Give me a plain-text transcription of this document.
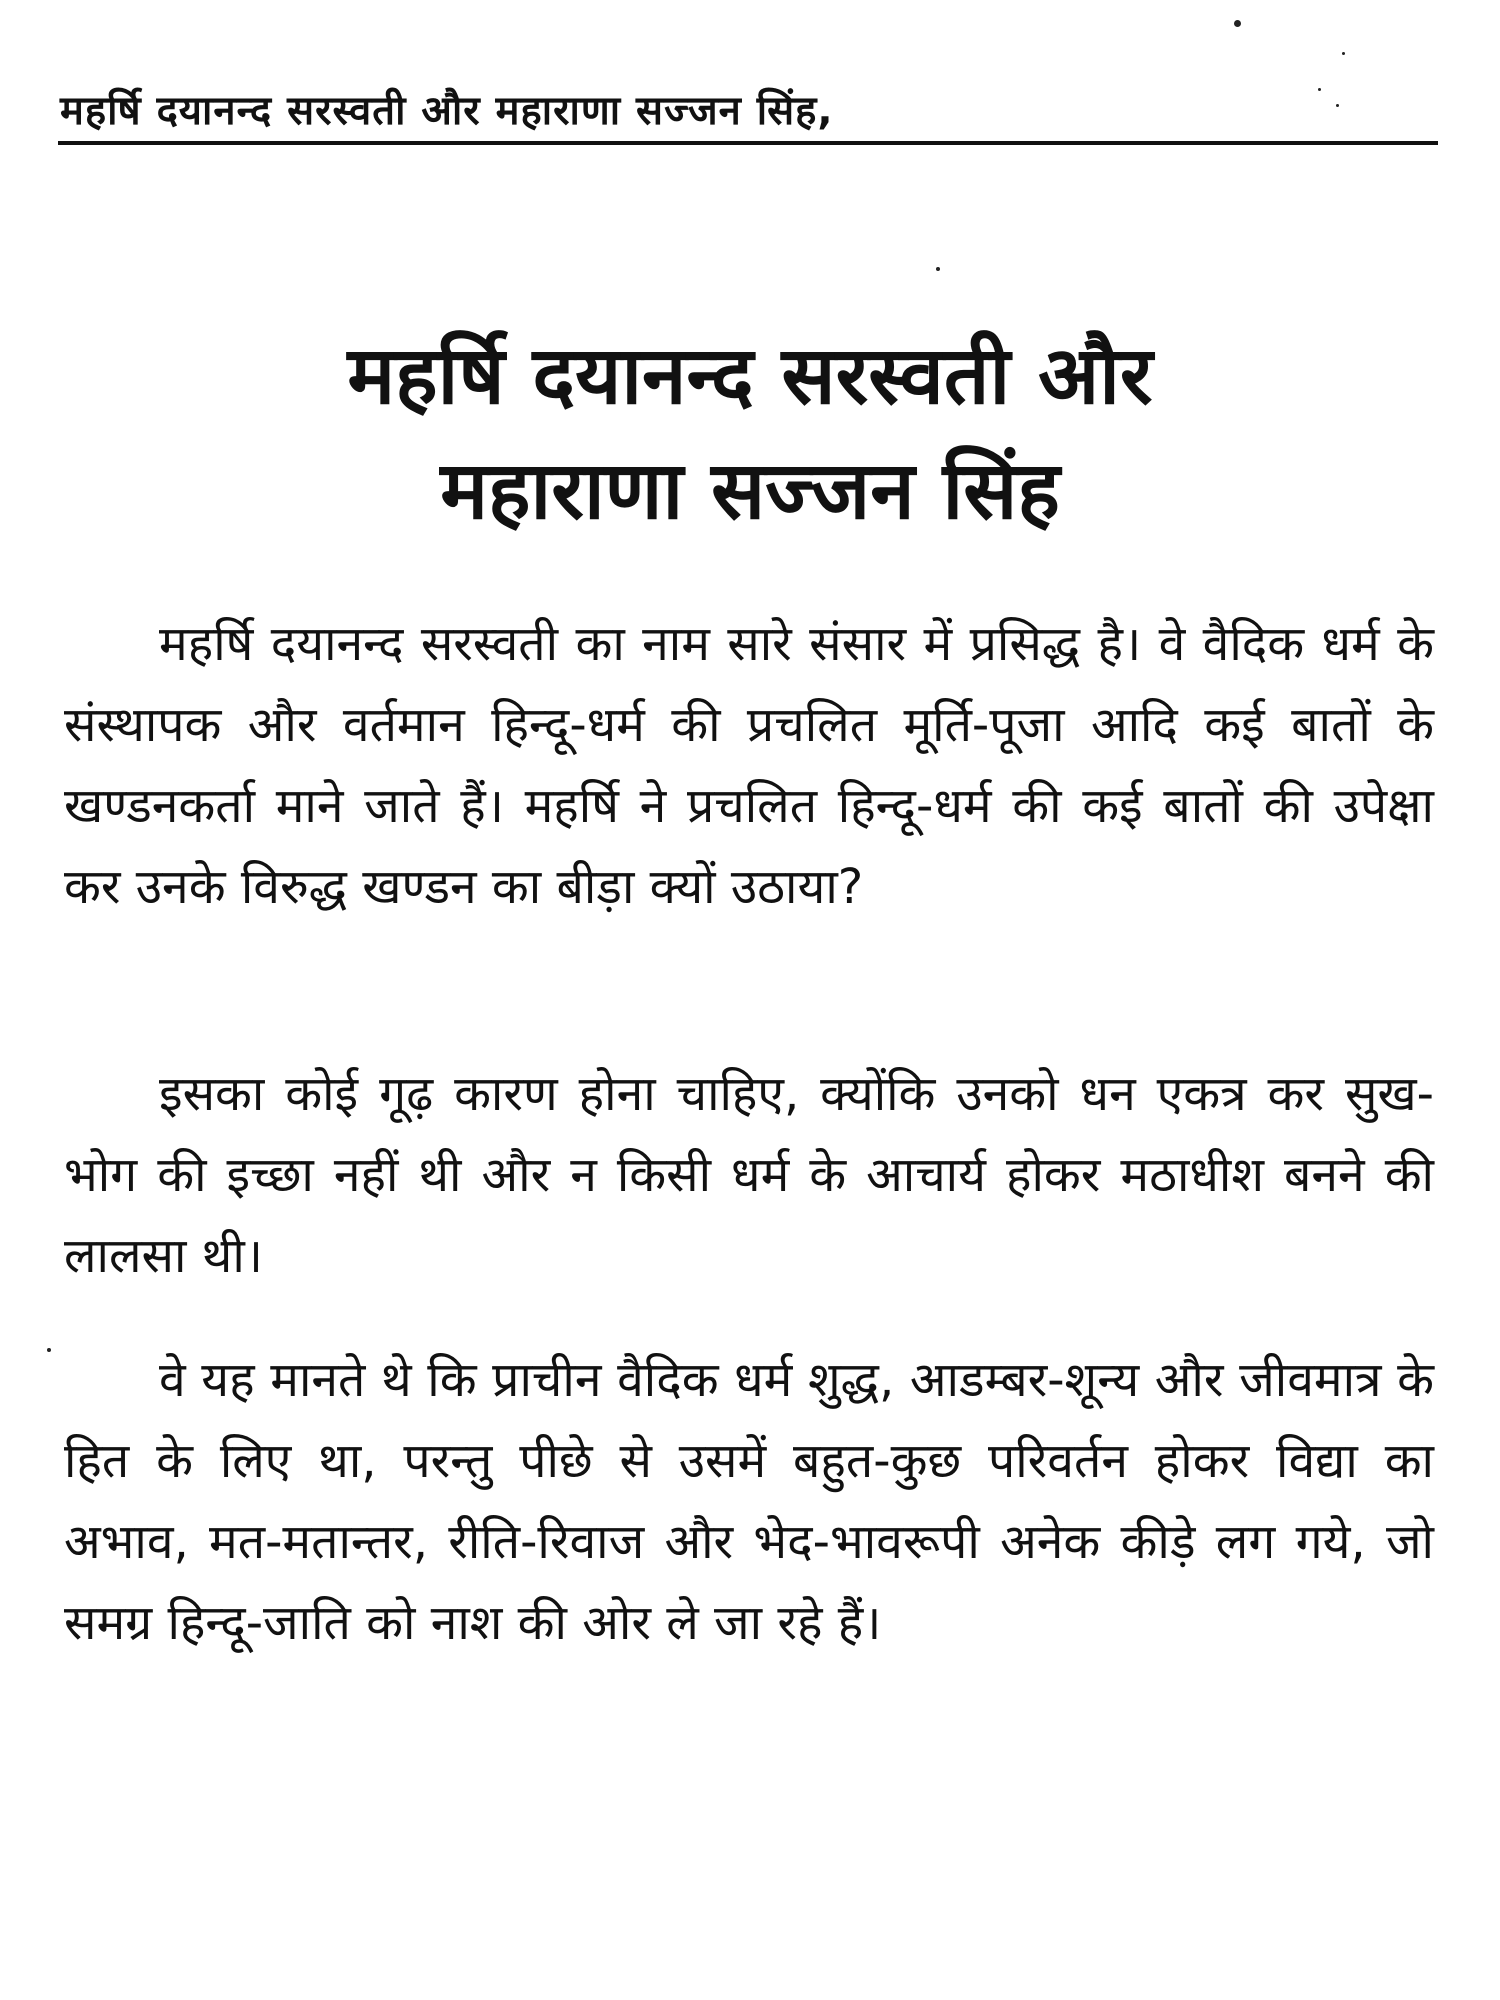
महर्षि दयानन्द सरस्वती और महाराणा सज्जन सिंह,
महर्षि दयानन्द सरस्वती और
महाराणा सज्जन सिंह

महर्षि दयानन्द सरस्वती का नाम सारे संसार में प्रसिद्ध है। वे वैदिक धर्म के संस्थापक और वर्तमान हिन्दू-धर्म की प्रचलित मूर्ति-पूजा आदि कई बातों के खण्डनकर्ता माने जाते हैं। महर्षि ने प्रचलित हिन्दू-धर्म की कई बातों की उपेक्षा कर उनके विरुद्ध खण्डन का बीड़ा क्यों उठाया?

इसका कोई गूढ़ कारण होना चाहिए, क्योंकि उनको धन एकत्र कर सुख-भोग की इच्छा नहीं थी और न किसी धर्म के आचार्य होकर मठाधीश बनने की लालसा थी।

वे यह मानते थे कि प्राचीन वैदिक धर्म शुद्ध, आडम्बर-शून्य और जीवमात्र के हित के लिए था, परन्तु पीछे से उसमें बहुत-कुछ परिवर्तन होकर विद्या का अभाव, मत-मतान्तर, रीति-रिवाज और भेद-भावरूपी अनेक कीड़े लग गये, जो समग्र हिन्दू-जाति को नाश की ओर ले जा रहे हैं।
